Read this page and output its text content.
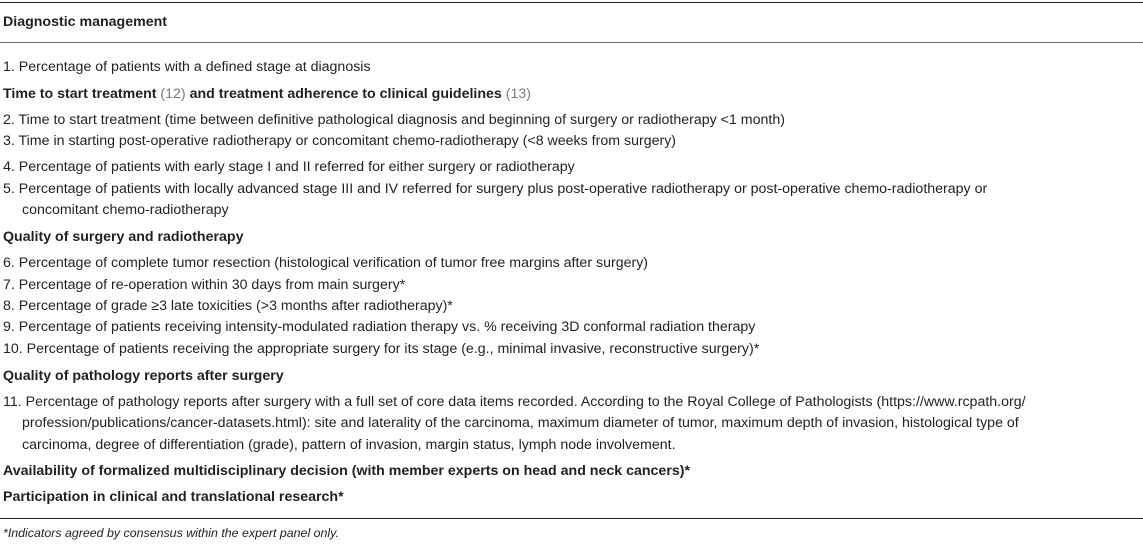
Diagnostic management
1. Percentage of patients with a defined stage at diagnosis
Time to start treatment (12) and treatment adherence to clinical guidelines (13)
2. Time to start treatment (time between definitive pathological diagnosis and beginning of surgery or radiotherapy <1 month)
3. Time in starting post-operative radiotherapy or concomitant chemo-radiotherapy (<8 weeks from surgery)
4. Percentage of patients with early stage I and II referred for either surgery or radiotherapy
5. Percentage of patients with locally advanced stage III and IV referred for surgery plus post-operative radiotherapy or post-operative chemo-radiotherapy or
concomitant chemo-radiotherapy
Quality of surgery and radiotherapy
6. Percentage of complete tumor resection (histological verification of tumor free margins after surgery)
7. Percentage of re-operation within 30 days from main surgery*
8. Percentage of grade ≥3 late toxicities (>3 months after radiotherapy)*
9. Percentage of patients receiving intensity-modulated radiation therapy vs. % receiving 3D conformal radiation therapy
10. Percentage of patients receiving the appropriate surgery for its stage (e.g., minimal invasive, reconstructive surgery)*
Quality of pathology reports after surgery
11. Percentage of pathology reports after surgery with a full set of core data items recorded. According to the Royal College of Pathologists (https://www.rcpath.org/
profession/publications/cancer-datasets.html): site and laterality of the carcinoma, maximum diameter of tumor, maximum depth of invasion, histological type of
carcinoma, degree of differentiation (grade), pattern of invasion, margin status, lymph node involvement.
Availability of formalized multidisciplinary decision (with member experts on head and neck cancers)*
Participation in clinical and translational research*
*Indicators agreed by consensus within the expert panel only.
